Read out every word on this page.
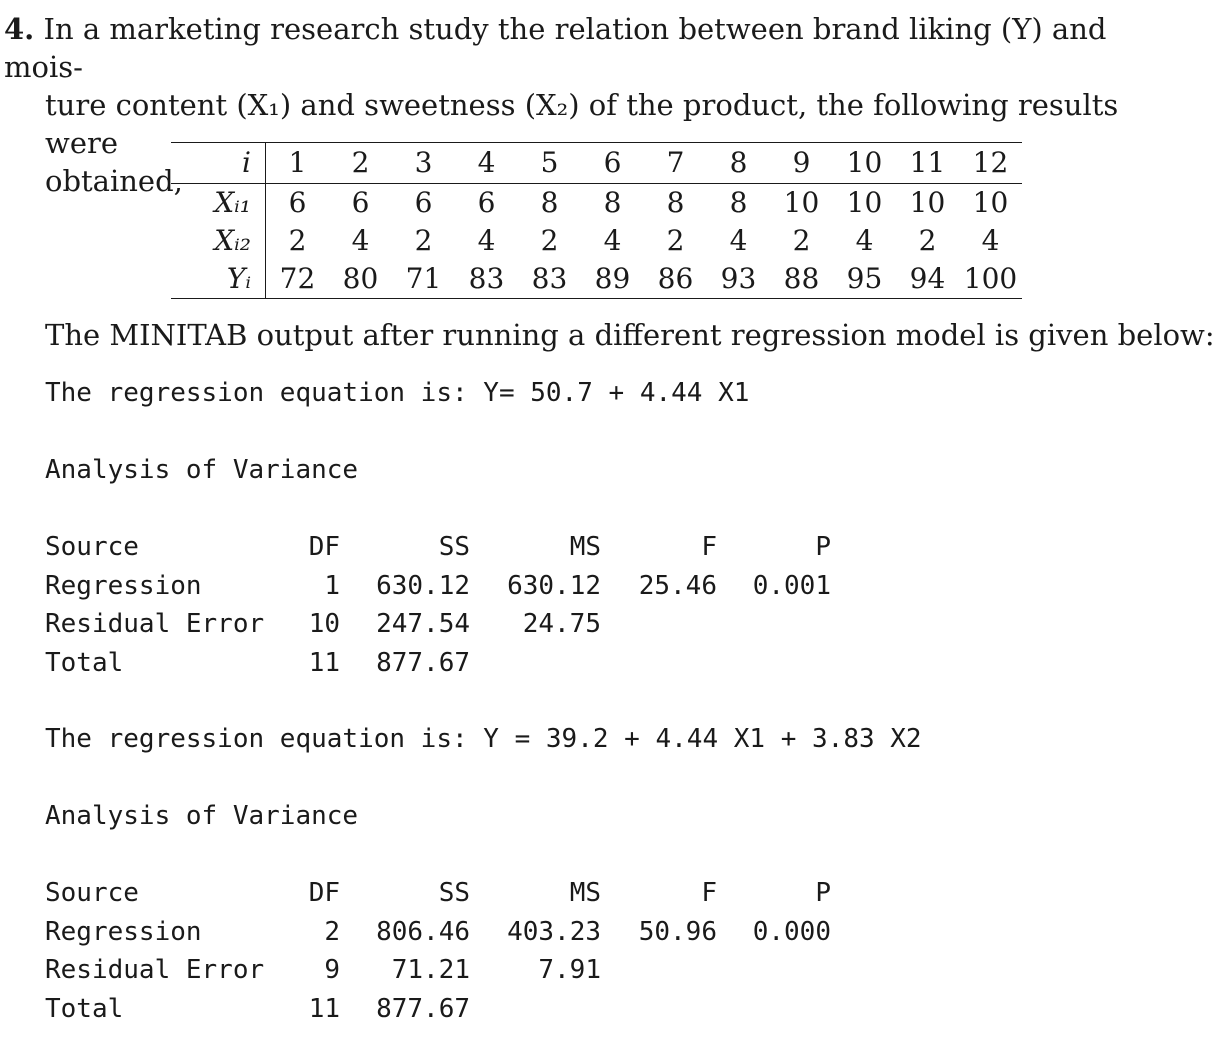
4. In a marketing research study the relation between brand liking (Y) and mois-
ture content (X₁) and sweetness (X₂) of the product, the following results were
obtained,
i	1	2	3	4	5	6	7	8	9	10	11	12
Xᵢ₁	6	6	6	6	8	8	8	8	10	10	10	10
Xᵢ₂	2	4	2	4	2	4	2	4	2	4	2	4
Yᵢ	72	80	71	83	83	89	86	93	88	95	94	100
The MINITAB output after running a different regression model is given below:
The regression equation is: Y= 50.7 + 4.44 X1
Analysis of Variance
Source	DF	SS	MS	F	P
Regression	1 630.12 630.12 25.46 0.001
Residual Error 10 247.54 24.75
Total	11 877.67
The regression equation is: Y = 39.2 + 4.44 X1 + 3.83 X2
Analysis of Variance
Source	DF	SS	MS	F	P
Regression	2 806.46 403.23 50.96 0.000
Residual Error 9 71.21	7.91
Total	11 877.67
